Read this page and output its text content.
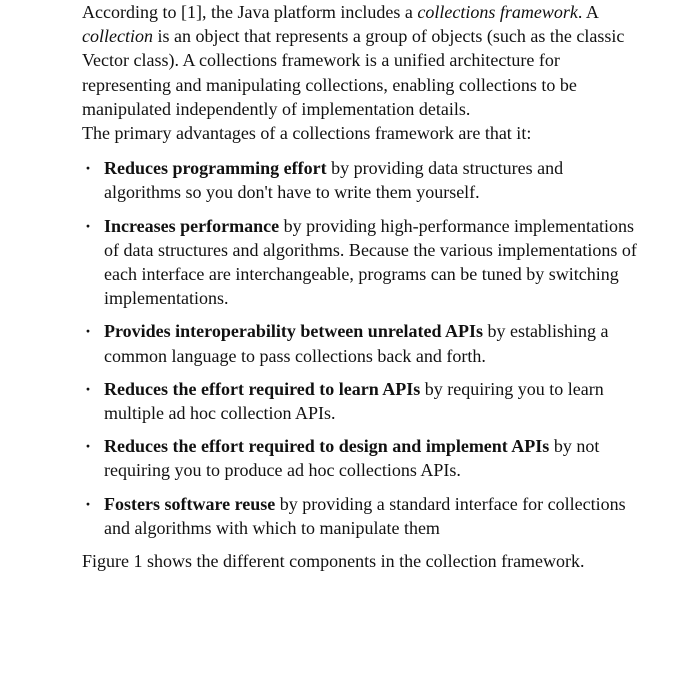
According to [1], the Java platform includes a collections framework. A collection is an object that represents a group of objects (such as the classic Vector class). A collections framework is a unified architecture for representing and manipulating collections, enabling collections to be manipulated independently of implementation details.

The primary advantages of a collections framework are that it:

· Reduces programming effort by providing data structures and algorithms so you don't have to write them yourself.
· Increases performance by providing high-performance implementations of data structures and algorithms. Because the various implementations of each interface are interchangeable, programs can be tuned by switching implementations.
· Provides interoperability between unrelated APIs by establishing a common language to pass collections back and forth.
· Reduces the effort required to learn APIs by requiring you to learn multiple ad hoc collection APIs.
· Reduces the effort required to design and implement APIs by not requiring you to produce ad hoc collections APIs.
· Fosters software reuse by providing a standard interface for collections and algorithms with which to manipulate them

Figure 1 shows the different components in the collection framework.
